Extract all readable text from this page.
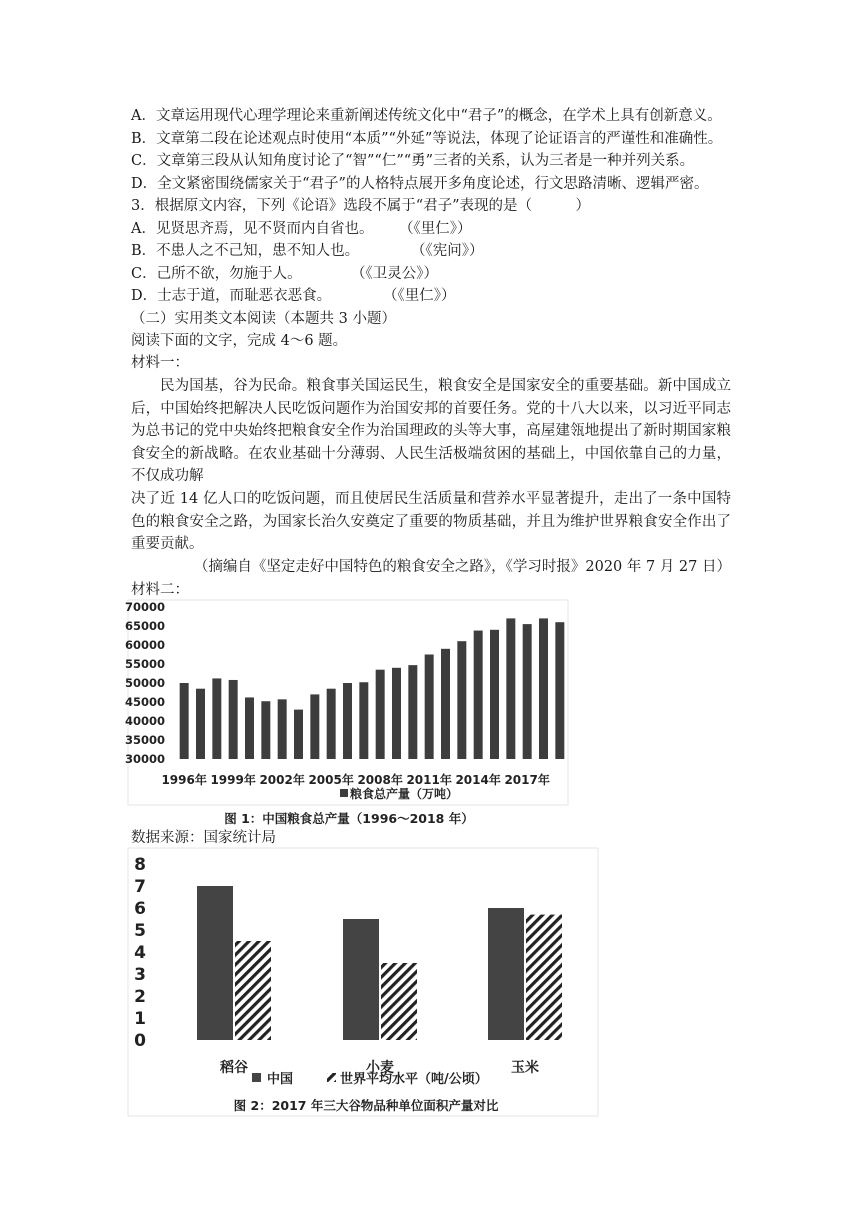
A．文章运用现代心理学理论来重新阐述传统文化中“君子”的概念，在学术上具有创新意义。
B．文章第二段在论述观点时使用“本质”“外延”等说法，体现了论证语言的严谨性和准确性。
C．文章第三段从认知角度讨论了“智”“仁”“勇”三者的关系，认为三者是一种并列关系。
D．全文紧密围绕儒家关于“君子”的人格特点展开多角度论述，行文思路清晰、逻辑严密。
3．根据原文内容，下列《论语》选段不属于“君子”表现的是（　　　）
A．见贤思齐焉，见不贤而内自省也。 （《里仁》）
B．不患人之不己知，患不知人也。	（《宪问》）
C．己所不欲，勿施于人。	（《卫灵公》）
D．士志于道，而耻恶衣恶食。	（《里仁》）
（二）实用类文本阅读（本题共 3 小题）
阅读下面的文字，完成 4～6 题。
材料一：
民为国基，谷为民命。粮食事关国运民生，粮食安全是国家安全的重要基础。新中国成立后，中国始终把解决人民吃饭问题作为治国安邦的首要任务。党的十八大以来，以习近平同志为总书记的党中央始终把粮食安全作为治国理政的头等大事，高屋建瓴地提出了新时期国家粮食安全的新战略。在农业基础十分薄弱、人民生活极端贫困的基础上，中国依靠自己的力量，不仅成功解
决了近 14 亿人口的吃饭问题，而且使居民生活质量和营养水平显著提升，走出了一条中国特色的粮食安全之路，为国家长治久安奠定了重要的物质基础，并且为维护世界粮食安全作出了重要贡献。
（摘编自《坚定走好中国特色的粮食安全之路》，《学习时报》2020 年 7 月 27 日）
材料二：
30000
35000
40000
45000
50000
55000
60000
65000
70000
1996年 1999年 2002年 2005年 2008年 2011年 2014年 2017年
粮食总产量（万吨）
图 1：中国粮食总产量（1996～2018 年）
数据来源：国家统计局
0
1
2
3
4
5
6
7
8
稻谷	小麦	玉米
中国	世界平均水平（吨/公顷）
图 2：2017 年三大谷物品种单位面积产量对比
